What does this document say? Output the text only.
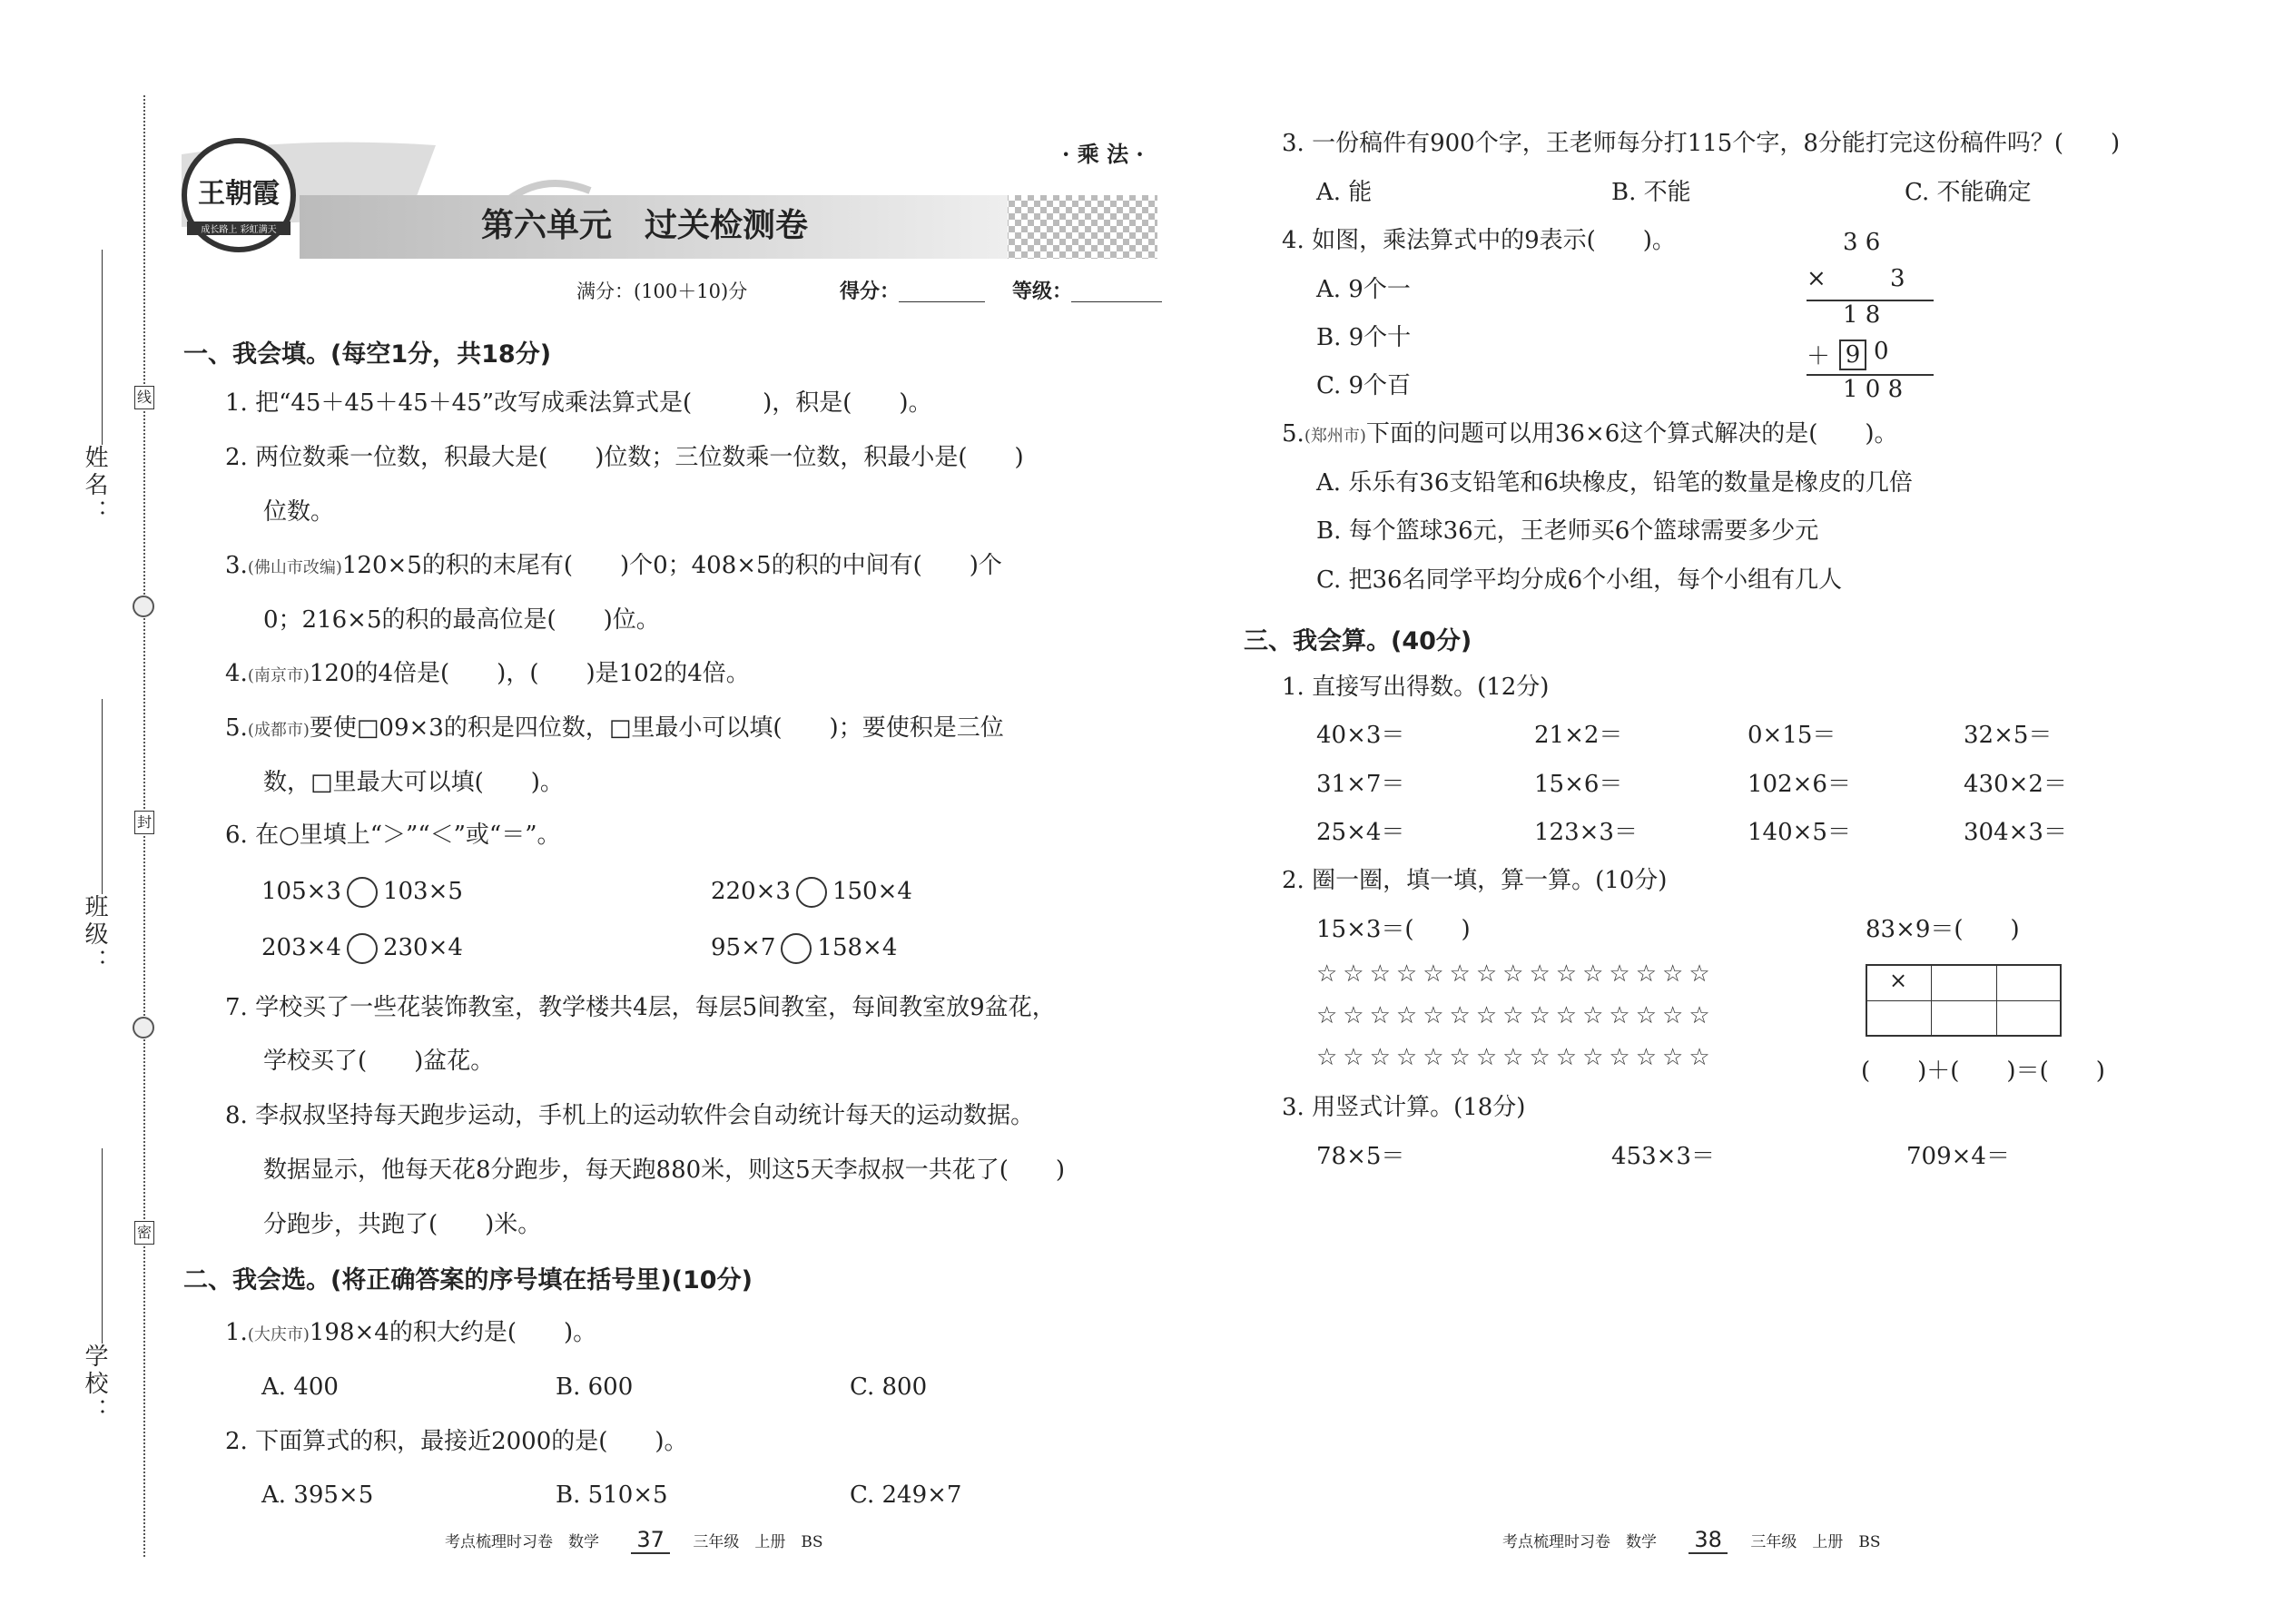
姓名：
班级：
学校：
线
封
密
王朝霞
成长路上 彩虹满天
· 乘 法 ·
第六单元　过关检测卷
满分：(100＋10)分	得分：	等级：
一、我会填。(每空1分，共18分)
1. 把“45＋45＋45＋45”改写成乘法算式是(　　　)，积是(　　)。
2. 两位数乘一位数，积最大是(　　)位数；三位数乘一位数，积最小是(　　)
位数。
3.(佛山市改编)120×5的积的末尾有(　　)个0；408×5的积的中间有(　　)个
0；216×5的积的最高位是(　　)位。
4.(南京市)120的4倍是(　　)，(　　)是102的4倍。
5.(成都市)要使□09×3的积是四位数，□里最小可以填(　　)；要使积是三位
数，□里最大可以填(　　)。
6. 在○里填上“＞”“＜”或“＝”。
105×3 103×5	220×3 150×4
203×4 230×4	95×7 158×4
7. 学校买了一些花装饰教室，教学楼共4层，每层5间教室，每间教室放9盆花，
学校买了(　　)盆花。
8. 李叔叔坚持每天跑步运动，手机上的运动软件会自动统计每天的运动数据。
数据显示，他每天花8分跑步，每天跑880米，则这5天李叔叔一共花了(　　)
分跑步，共跑了(　　)米。
二、我会选。(将正确答案的序号填在括号里)(10分)
1.(大庆市)198×4的积大约是(　　)。
A. 400	B. 600	C. 800
2. 下面算式的积，最接近2000的是(　　)。
A. 395×5	B. 510×5	C. 249×7
考点梳理时习卷　数学 37 三年级　上册　BS
3. 一份稿件有900个字，王老师每分打115个字，8分能打完这份稿件吗？(　　)
A. 能	B. 不能	C. 不能确定
4. 如图，乘法算式中的9表示(　　)。
A. 9个一
B. 9个十
C. 9个百
3 6
×	3
1 8
＋ 9 0
1 0 8
5.(郑州市)下面的问题可以用36×6这个算式解决的是(　　)。
A. 乐乐有36支铅笔和6块橡皮，铅笔的数量是橡皮的几倍
B. 每个篮球36元，王老师买6个篮球需要多少元
C. 把36名同学平均分成6个小组，每个小组有几人
三、我会算。(40分)
1. 直接写出得数。(12分)
40×3＝	21×2＝	0×15＝	32×5＝
31×7＝	15×6＝	102×6＝	430×2＝
25×4＝	123×3＝	140×5＝	304×3＝
2. 圈一圈，填一填，算一算。(10分)
15×3＝(　　)	83×9＝(　　)
☆☆☆☆☆☆☆☆☆☆☆☆☆☆☆
☆☆☆☆☆☆☆☆☆☆☆☆☆☆☆
☆☆☆☆☆☆☆☆☆☆☆☆☆☆☆
×
(　　)＋(　　)＝(　　)
3. 用竖式计算。(18分)
78×5＝	453×3＝	709×4＝
考点梳理时习卷　数学 38 三年级　上册　BS
